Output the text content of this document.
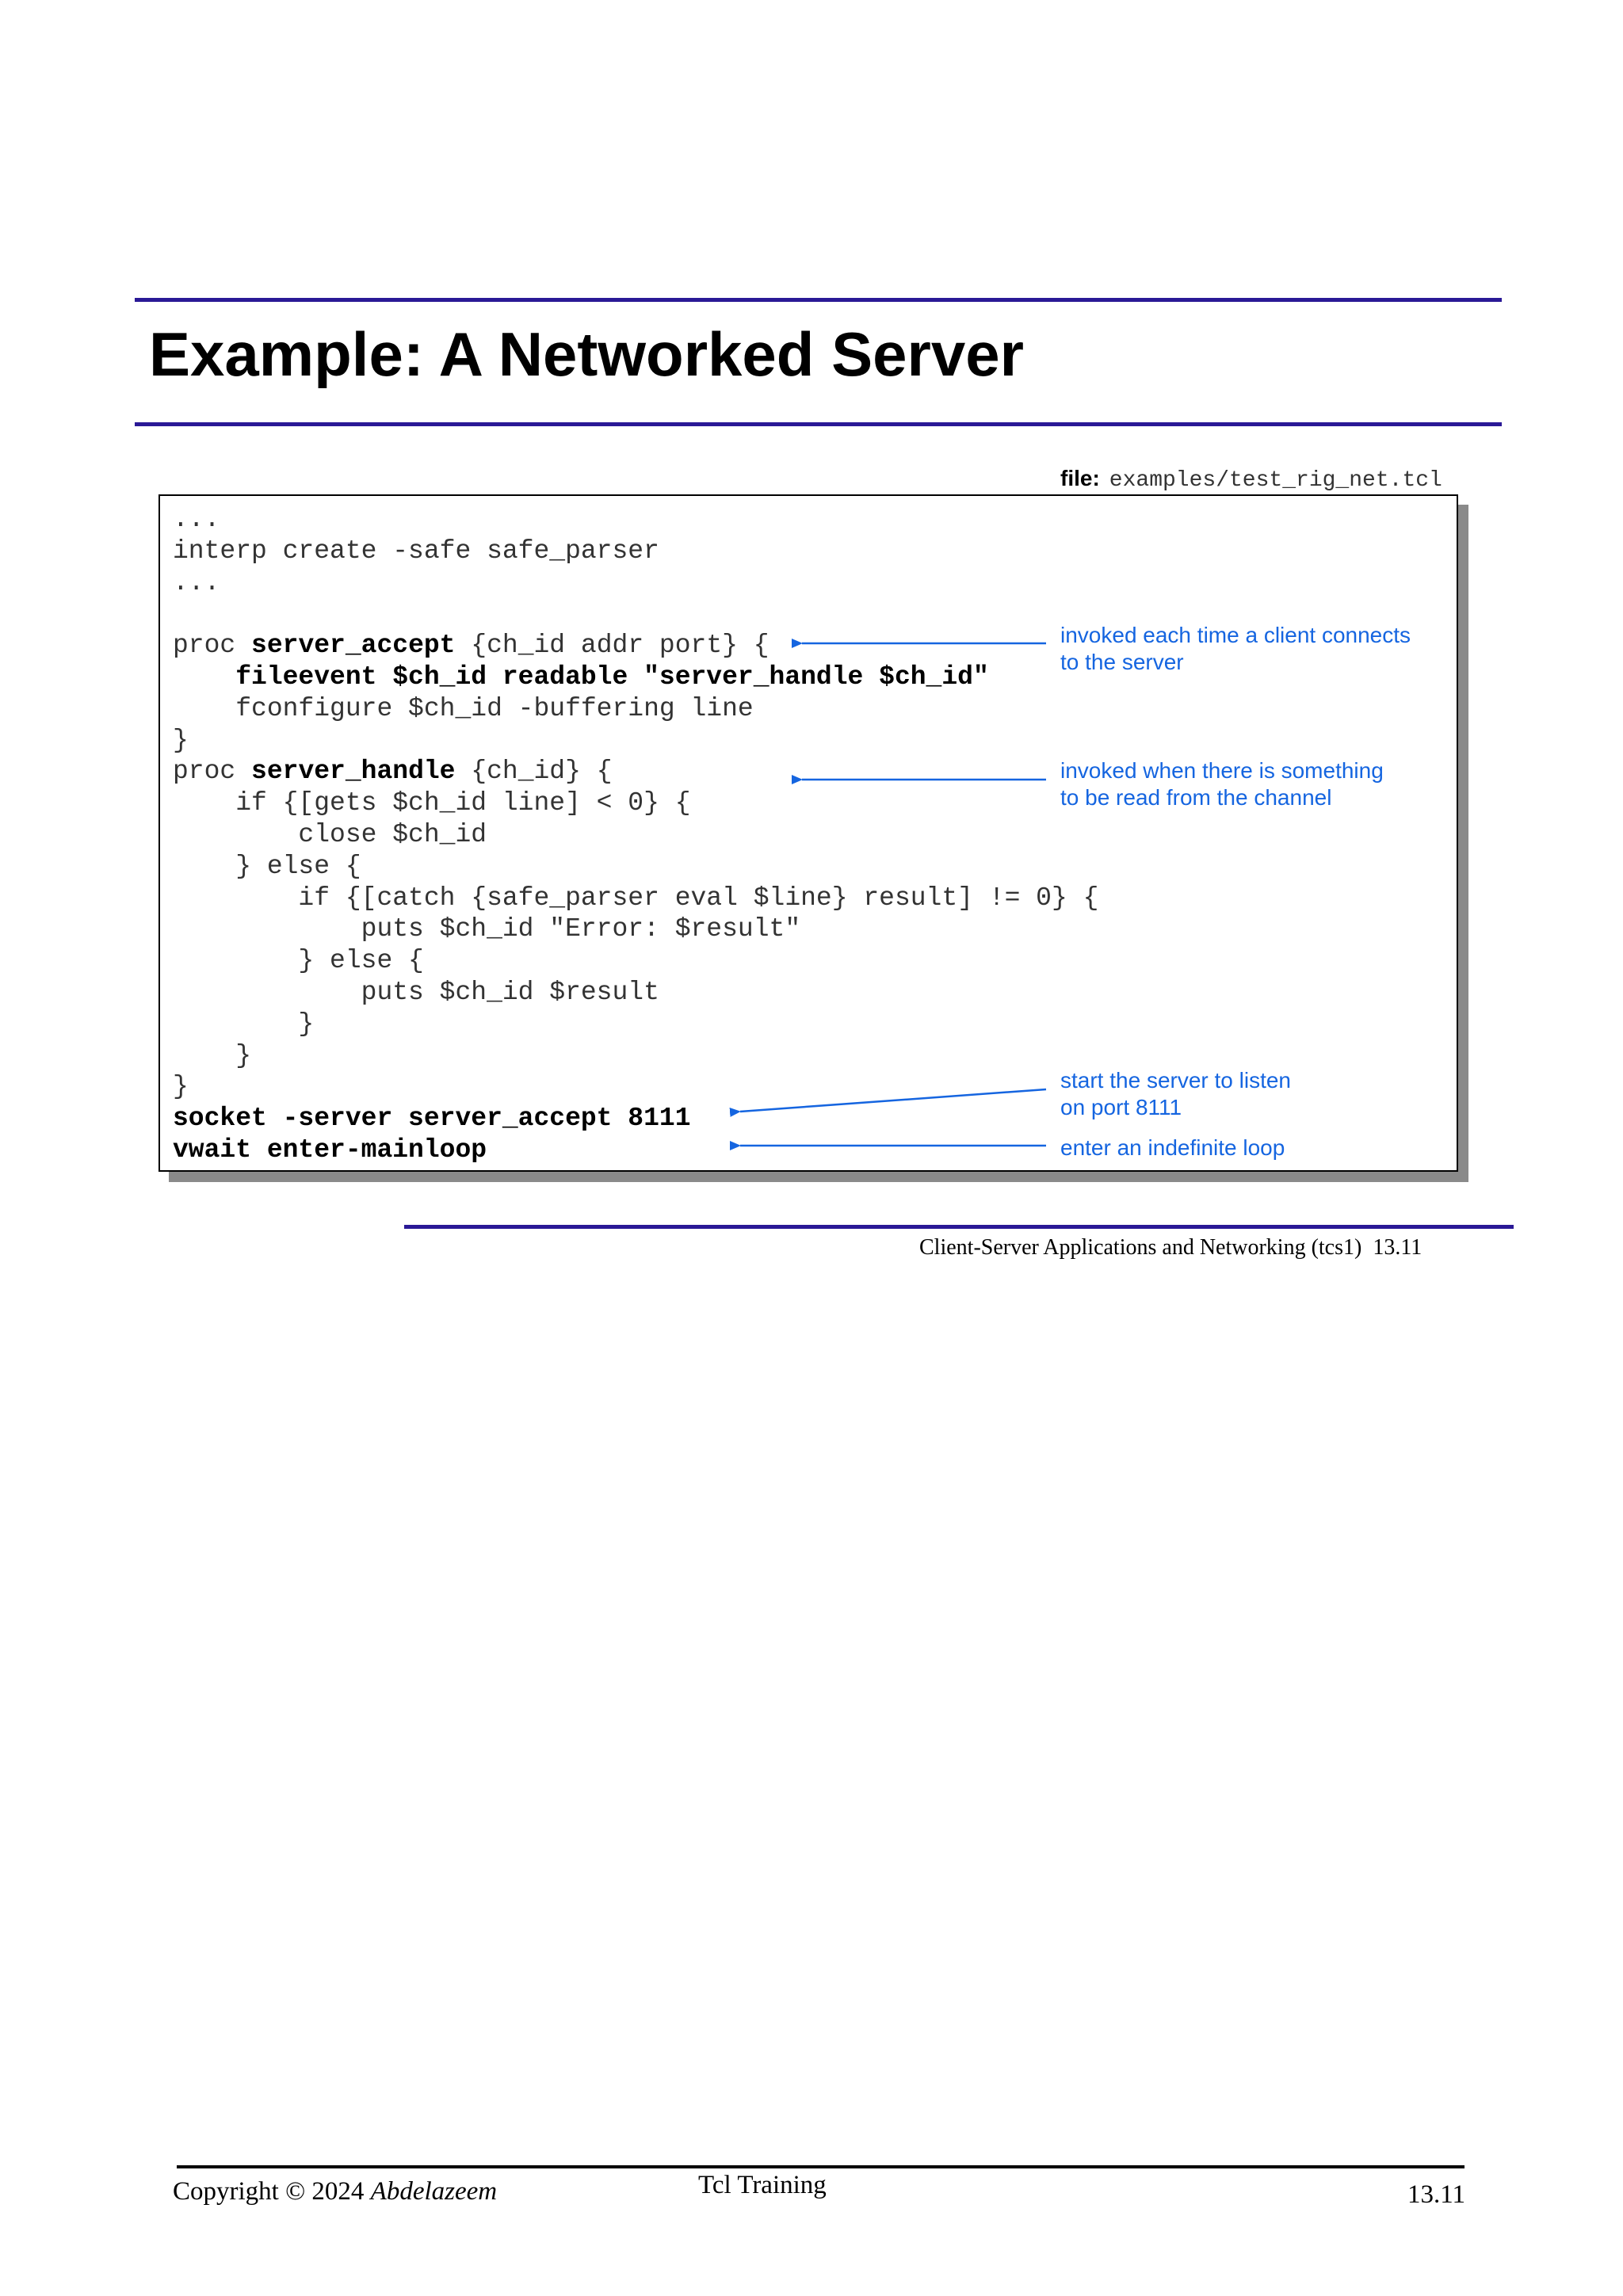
Example: A Networked Server
file: examples/test_rig_net.tcl
...
interp create -safe safe_parser
...

proc server_accept {ch_id addr port} {
fileevent $ch_id readable "server_handle $ch_id"
fconfigure $ch_id -buffering line
}
proc server_handle {ch_id} {
if {[gets $ch_id line] < 0} {
close $ch_id
} else {
if {[catch {safe_parser eval $line} result] != 0} {
puts $ch_id "Error: $result"
} else {
puts $ch_id $result
}
}
}
socket -server server_accept 8111
vwait enter-mainloop
invoked each time a client connects
to the server
invoked when there is something
to be read from the channel
start the server to listen
on port 8111
enter an indefinite loop
Client-Server Applications and Networking (tcs1)  13.11
Copyright © 2024 Abdelazeem	Tcl Training	13.11
